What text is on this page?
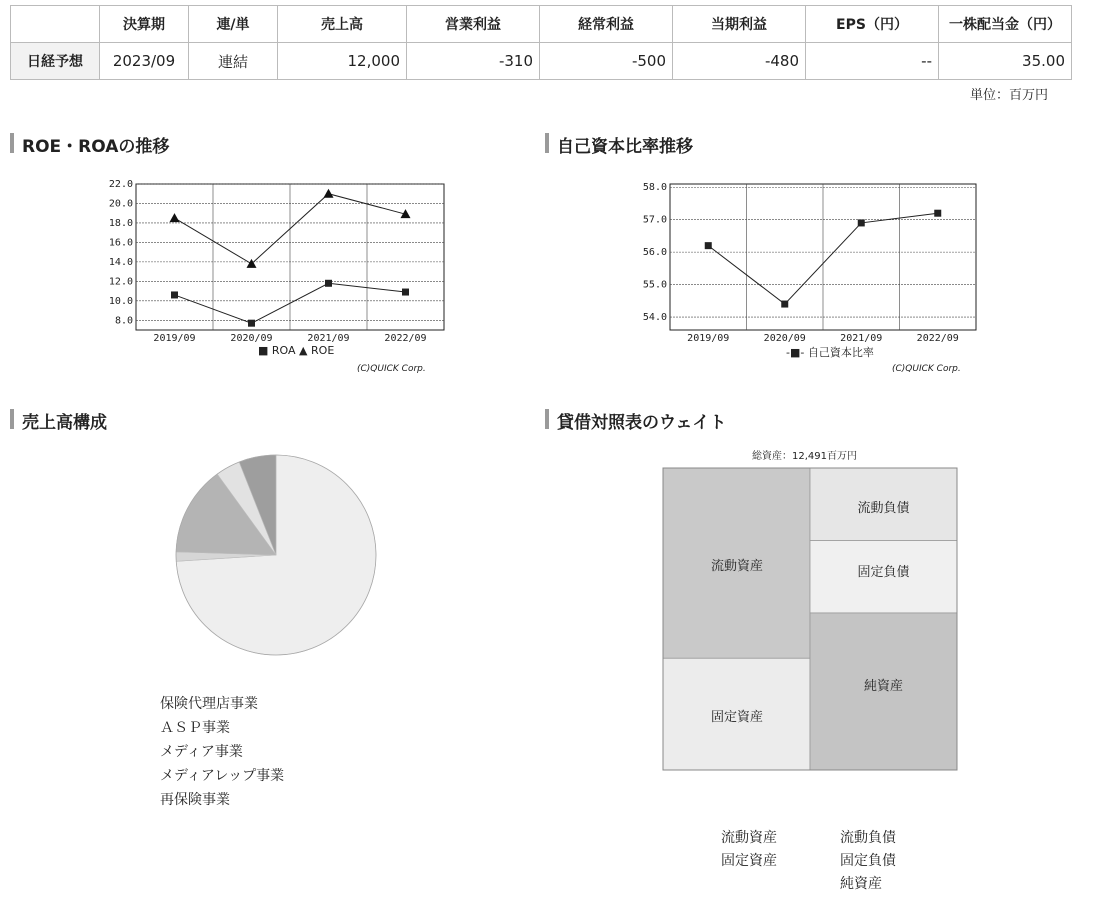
	決算期	連/単	売上高	営業利益	経常利益	当期利益	EPS（円）	一株配当金（円）
日経予想	2023/09	連結	12,000	-310	-500	-480	--	35.00
単位：百万円
ROE・ROAの推移	自己資本比率推移
売上高構成	貸借対照表のウェイト
8.0
10.0
12.0
14.0
16.0
18.0
20.0
22.0
2019/09	2020/09	2021/09	2022/09
54.0
55.0
56.0
57.0
58.0
2019/09	2020/09	2021/09	2022/09
■ ROA ▲ ROE
(C)QUICK Corp.
-■- 自己資本比率
(C)QUICK Corp.
保険代理店事業
ＡＳＰ事業
メディア事業
メディアレップ事業
再保険事業
総資産：12,491百万円
流動資産
固定資産
流動負債
固定負債
純資産
流動資産
固定資産
流動負債
固定負債
純資産
